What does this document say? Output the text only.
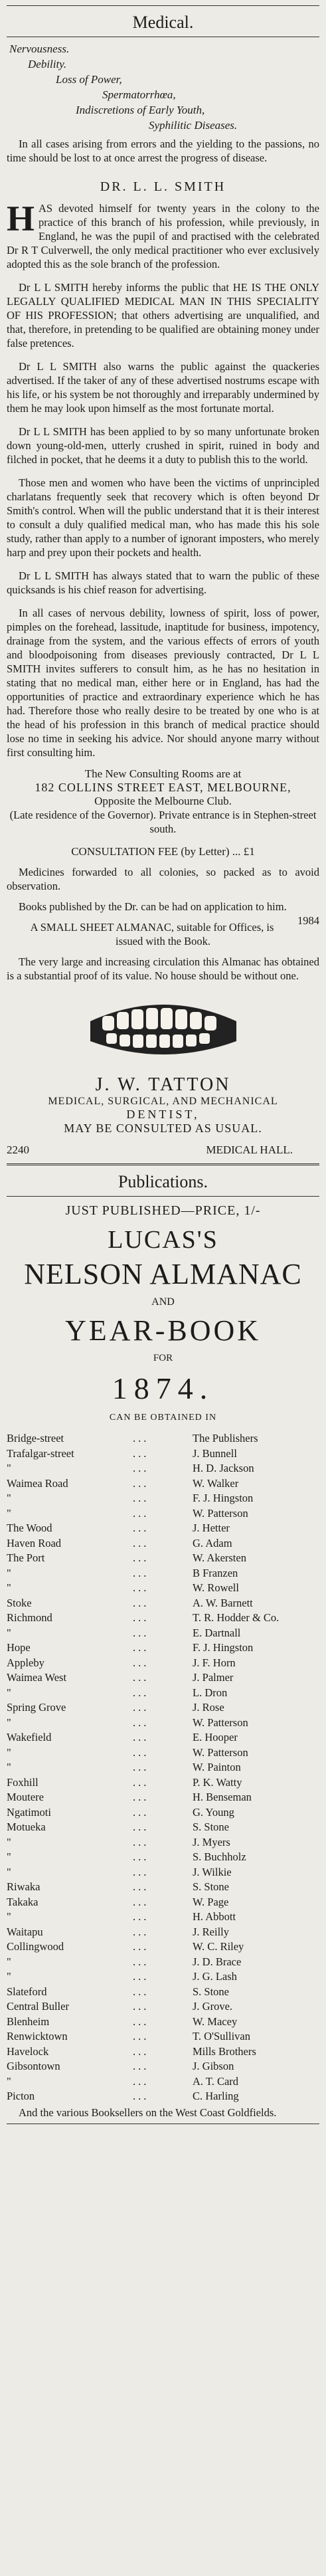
Medical.
Nervousness.
Debility.
Loss of Power,
Spermatorrhœa,
Indiscretions of Early Youth,
Syphilitic Diseases.

In all cases arising from errors and the yielding to the passions, no time should be lost to at once arrest the progress of disease.

DR. L. L. SMITH

HAS devoted himself for twenty years in the colony to the practice of this branch of his profession, while previously, in England, he was the pupil of and practised with the celebrated Dr R T Culverwell, the only medical practitioner who ever exclusively adopted this as the sole branch of the profession.

Dr L L SMITH hereby informs the public that HE IS THE ONLY LEGALLY QUALIFIED MEDICAL MAN IN THIS SPECIALITY OF HIS PROFESSION; that others advertising are unqualified, and that, therefore, in pretending to be qualified are obtaining money under false pretences.

Dr L L SMITH also warns the public against the quackeries advertised. If the taker of any of these advertised nostrums escape with his life, or his system be not thoroughly and irreparably undermined by them he may look upon himself as the most fortunate mortal.

Dr L L SMITH has been applied to by so many unfortunate broken down young-old-men, utterly crushed in spirit, ruined in body and filched in pocket, that he deems it a duty to publish this to the world.

Those men and women who have been the victims of unprincipled charlatans frequently seek that recovery which is often beyond Dr Smith's control. When will the public understand that it is their interest to consult a duly qualified medical man, who has made this his sole study, rather than apply to a number of ignorant imposters, who merely harp and prey upon their pockets and health.

Dr L L SMITH has always stated that to warn the public of these quicksands is his chief reason for advertising.

In all cases of nervous debility, lowness of spirit, loss of power, pimples on the forehead, lassitude, inaptitude for business, impotency, drainage from the system, and the various effects of errors of youth and bloodpoisoning from diseases previously contracted, Dr L L SMITH invites sufferers to consult him, as he has no hesitation in stating that no medical man, either here or in England, has had the opportunities of practice and extraordinary experience which he has had. Therefore those who really desire to be treated by one who is at the head of his profession in this branch of medical practice should lose no time in seeking his advice. Nor should anyone marry without first consulting him.

The New Consulting Rooms are at
182 COLLINS STREET EAST, MELBOURNE,
Opposite the Melbourne Club.

(Late residence of the Governor). Private entrance is in Stephen-street south.

CONSULTATION FEE (by Letter) ... £1

Medicines forwarded to all colonies, so packed as to avoid observation.

Books published by the Dr. can be had on application to him.
1984

A SMALL SHEET ALMANAC, suitable for Offices, is issued with the Book.

The very large and increasing circulation this Almanac has obtained is a substantial proof of its value. No house should be without one.

J. W. TATTON
MEDICAL, SURGICAL, AND MECHANICAL
DENTIST,
MAY BE CONSULTED AS USUAL.
2240	MEDICAL HALL.
Publications.
JUST PUBLISHED—PRICE, 1/-
LUCAS'S
NELSON ALMANAC
AND
YEAR-BOOK
FOR
1874.
CAN BE OBTAINED IN
Bridge-street	...	The Publishers
Trafalgar-street	...	J. Bunnell
"	...	H. D. Jackson
Waimea Road	...	W. Walker
"	...	F. J. Hingston
"	...	W. Patterson
The Wood	...	J. Hetter
Haven Road	...	G. Adam
The Port	...	W. Akersten
"	...	B Franzen
"	...	W. Rowell
Stoke	...	A. W. Barnett
Richmond	...	T. R. Hodder & Co.
"	...	E. Dartnall
Hope	...	F. J. Hingston
Appleby	...	J. F. Horn
Waimea West	...	J. Palmer
"	...	L. Dron
Spring Grove	...	J. Rose
"	...	W. Patterson
Wakefield	...	E. Hooper
"	...	W. Patterson
"	...	W. Painton
Foxhill	...	P. K. Watty
Moutere	...	H. Benseman
Ngatimoti	...	G. Young
Motueka	...	S. Stone
"	...	J. Myers
"	...	S. Buchholz
"	...	J. Wilkie
Riwaka	...	S. Stone
Takaka	...	W. Page
"	...	H. Abbott
Waitapu	...	J. Reilly
Collingwood	...	W. C. Riley
"	...	J. D. Brace
"	...	J. G. Lash
Slateford	...	S. Stone
Central Buller	...	J. Grove.
Blenheim	...	W. Macey
Renwicktown	...	T. O'Sullivan
Havelock	...	Mills Brothers
Gibsontown	...	J. Gibson
"	...	A. T. Card
Picton	...	C. Harling

And the various Booksellers on the West Coast Goldfields.
